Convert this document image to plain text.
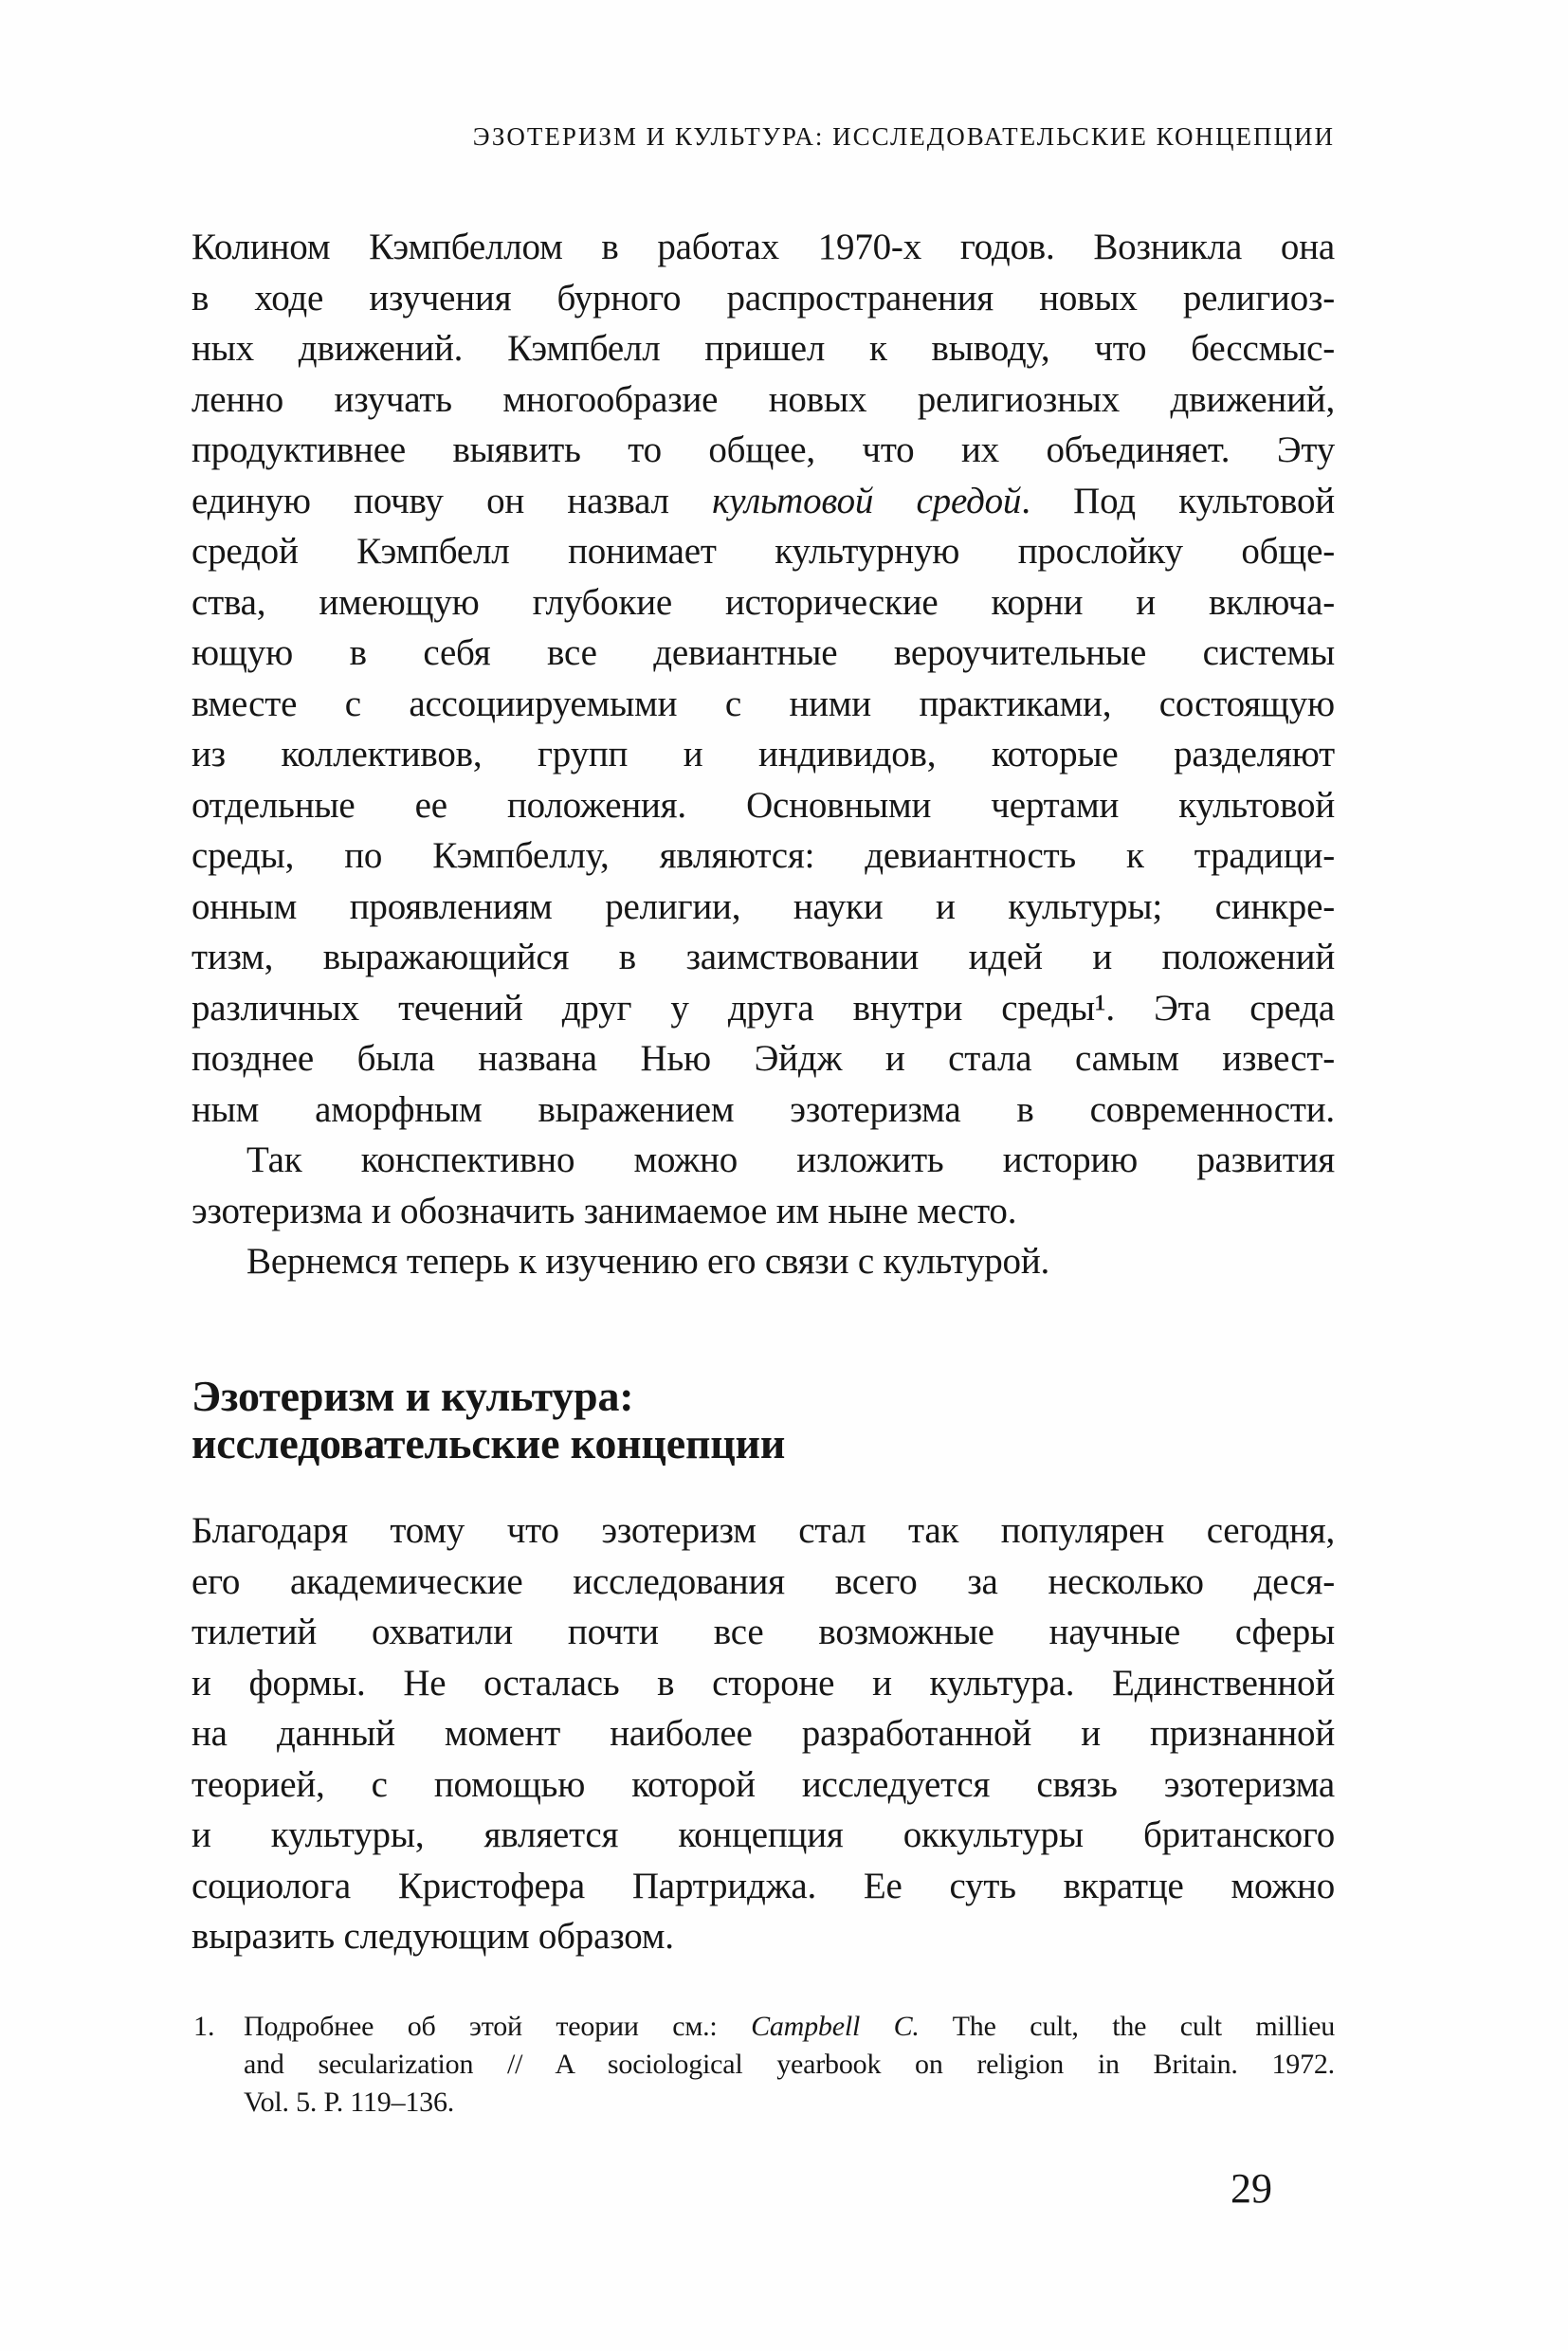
ЭЗОТЕРИЗМ И КУЛЬТУРА: ИССЛЕДОВАТЕЛЬСКИЕ КОНЦЕПЦИИ
Колином Кэмпбеллом в работах 1970-х годов. Возникла она
в ходе изучения бурного распространения новых религиоз-
ных движений. Кэмпбелл пришел к выводу, что бессмыс-
ленно изучать многообразие новых религиозных движений,
продуктивнее выявить то общее, что их объединяет. Эту
единую почву он назвал культовой средой. Под культовой
средой Кэмпбелл понимает культурную прослойку обще-
ства, имеющую глубокие исторические корни и включа-
ющую в себя все девиантные вероучительные системы
вместе с ассоциируемыми с ними практиками, состоящую
из коллективов, групп и индивидов, которые разделяют
отдельные ее положения. Основными чертами культовой
среды, по Кэмпбеллу, являются: девиантность к традици-
онным проявлениям религии, науки и культуры; синкре-
тизм, выражающийся в заимствовании идей и положений
различных течений друг у друга внутри среды¹. Эта среда
позднее была названа Нью Эйдж и стала самым извест-
ным аморфным выражением эзотеризма в современности.
Так конспективно можно изложить историю развития
эзотеризма и обозначить занимаемое им ныне место.
Вернемся теперь к изучению его связи с культурой.
Эзотеризм и культура:
исследовательские концепции
Благодаря тому что эзотеризм стал так популярен сегодня,
его академические исследования всего за несколько деся-
тилетий охватили почти все возможные научные сферы
и формы. Не осталась в стороне и культура. Единственной
на данный момент наиболее разработанной и признанной
теорией, с помощью которой исследуется связь эзотеризма
и культуры, является концепция оккультуры британского
социолога Кристофера Партриджа. Ее суть вкратце можно
выразить следующим образом.
1. Подробнее об этой теории см.: Campbell C. The cult, the cult millieu
and secularization // A sociological yearbook on religion in Britain. 1972.
Vol. 5. P. 119–136.
29
